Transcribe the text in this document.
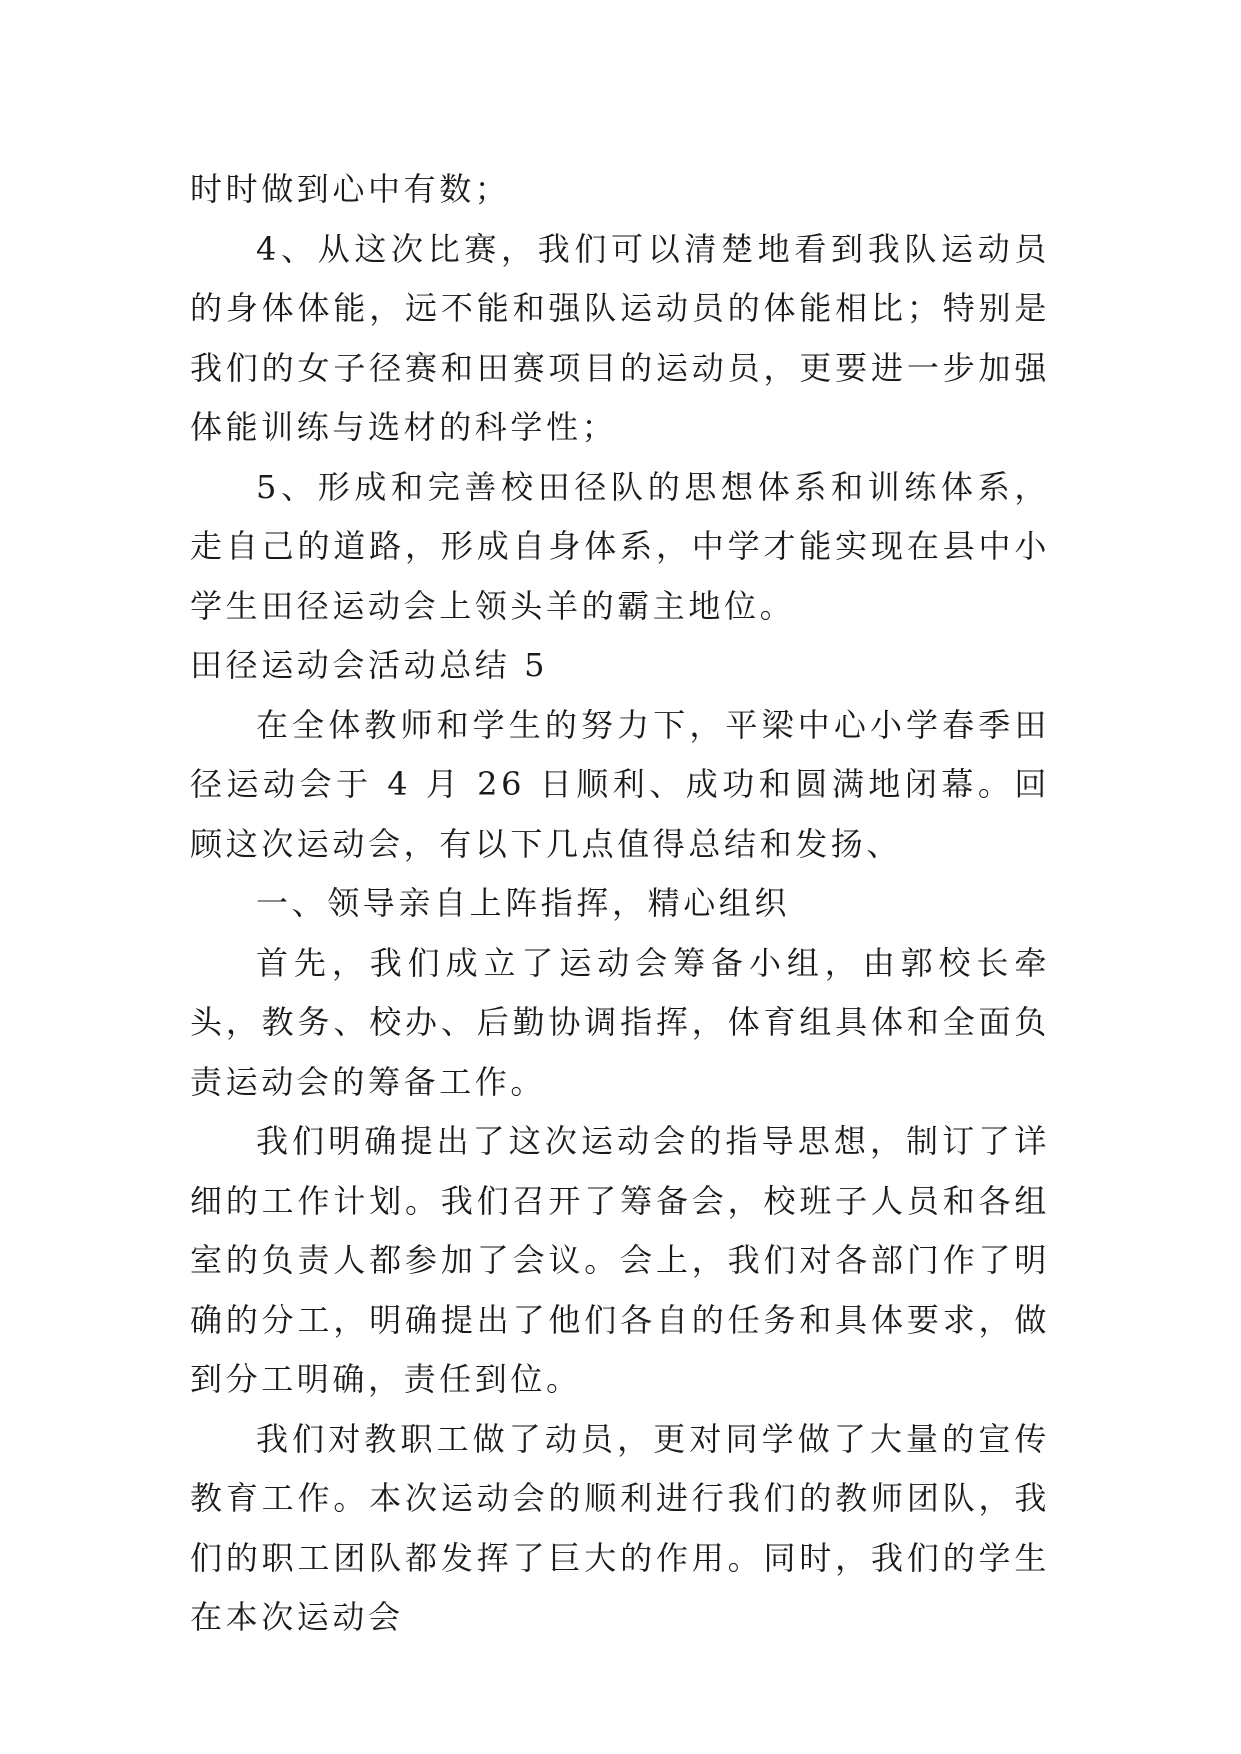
时时做到心中有数；

4、从这次比赛，我们可以清楚地看到我队运动员的身体体能，远不能和强队运动员的体能相比；特别是我们的女子径赛和田赛项目的运动员，更要进一步加强体能训练与选材的科学性；

5、形成和完善校田径队的思想体系和训练体系，走自己的道路，形成自身体系，中学才能实现在县中小学生田径运动会上领头羊的霸主地位。

田径运动会活动总结 5

在全体教师和学生的努力下，平梁中心小学春季田径运动会于 4 月 26 日顺利、成功和圆满地闭幕。回顾这次运动会，有以下几点值得总结和发扬、

一、领导亲自上阵指挥，精心组织

首先，我们成立了运动会筹备小组，由郭校长牵头，教务、校办、后勤协调指挥，体育组具体和全面负责运动会的筹备工作。

我们明确提出了这次运动会的指导思想，制订了详细的工作计划。我们召开了筹备会，校班子人员和各组室的负责人都参加了会议。会上，我们对各部门作了明确的分工，明确提出了他们各自的任务和具体要求，做到分工明确，责任到位。

我们对教职工做了动员，更对同学做了大量的宣传教育工作。本次运动会的顺利进行我们的教师团队，我们的职工团队都发挥了巨大的作用。同时，我们的学生在本次运动会
